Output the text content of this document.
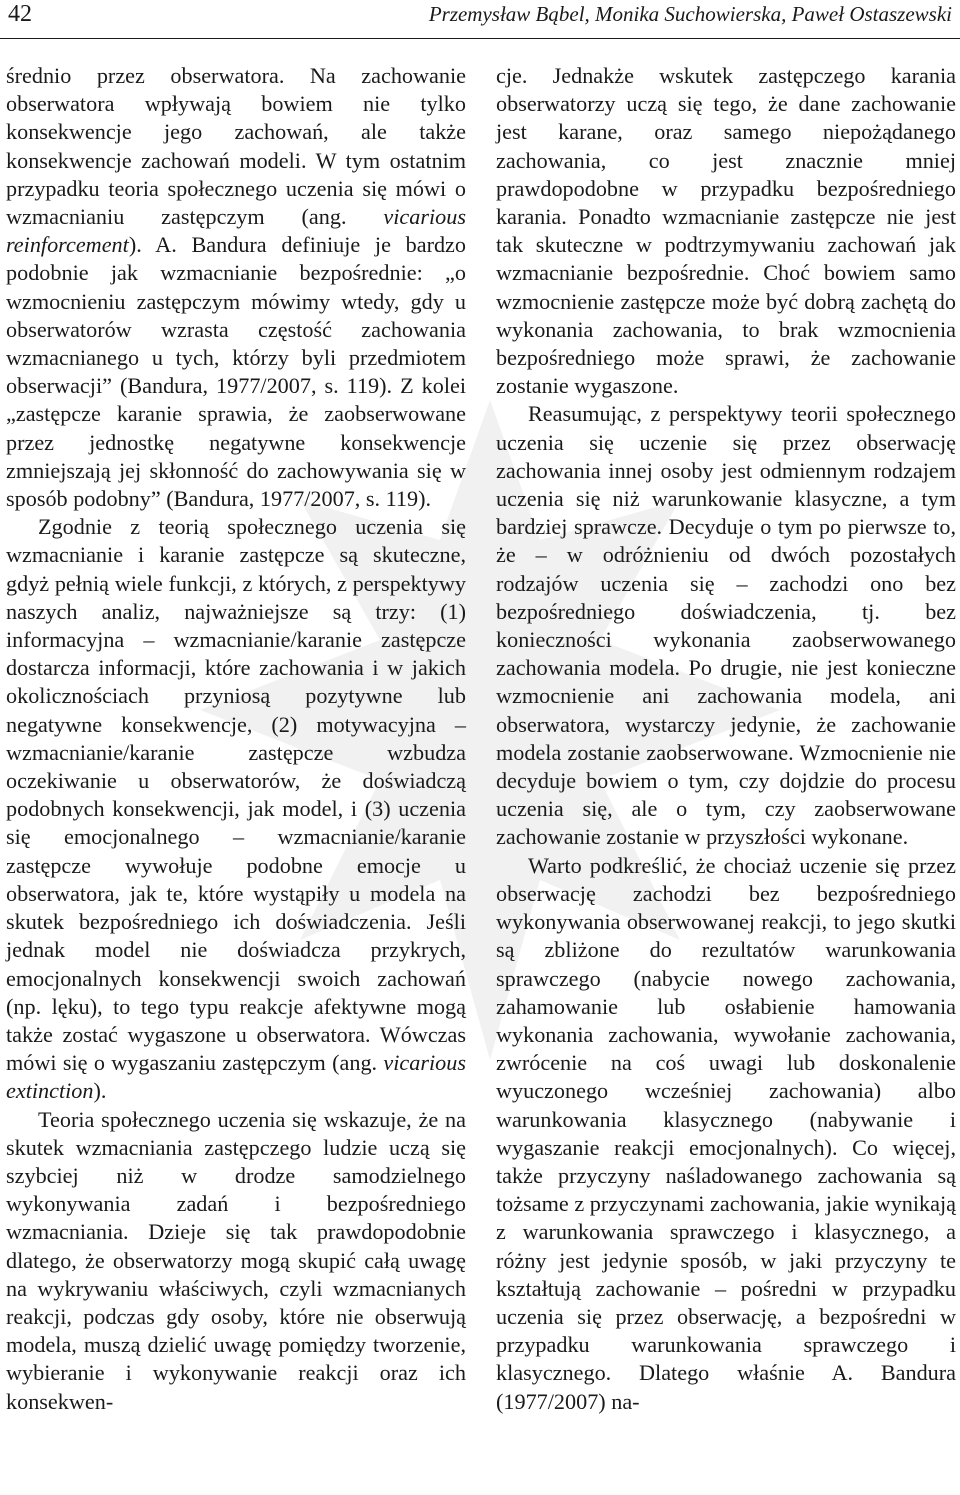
42	Przemysław Bąbel, Monika Suchowierska, Paweł Ostaszewski

średnio przez obserwatora. Na zachowanie obserwatora wpływają bowiem nie tylko konsekwencje jego zachowań, ale także konsekwencje zachowań modeli. W tym ostatnim przypadku teoria społecznego uczenia się mówi o wzmacnianiu zastępczym (ang. vicarious reinforcement). A. Bandura definiuje je bardzo podobnie jak wzmacnianie bezpośrednie: „o wzmocnieniu zastępczym mówimy wtedy, gdy u obserwatorów wzrasta częstość zachowania wzmacnianego u tych, którzy byli przedmiotem obserwacji” (Bandura, 1977/2007, s. 119). Z kolei „zastępcze karanie sprawia, że zaobserwowane przez jednostkę negatywne konsekwencje zmniejszają jej skłonność do zachowywania się w sposób podobny” (Bandura, 1977/2007, s. 119).

Zgodnie z teorią społecznego uczenia się wzmacnianie i karanie zastępcze są skuteczne, gdyż pełnią wiele funkcji, z których, z perspektywy naszych analiz, najważniejsze są trzy: (1) informacyjna – wzmacnianie/karanie zastępcze dostarcza informacji, które zachowania i w jakich okolicznościach przyniosą pozytywne lub negatywne konsekwencje, (2) motywacyjna – wzmacnianie/karanie zastępcze wzbudza oczekiwanie u obserwatorów, że doświadczą podobnych konsekwencji, jak model, i (3) uczenia się emocjonalnego – wzmacnianie/karanie zastępcze wywołuje podobne emocje u obserwatora, jak te, które wystąpiły u modela na skutek bezpośredniego ich doświadczenia. Jeśli jednak model nie doświadcza przykrych, emocjonalnych konsekwencji swoich zachowań (np. lęku), to tego typu reakcje afektywne mogą także zostać wygaszone u obserwatora. Wówczas mówi się o wygaszaniu zastępczym (ang. vicarious extinction).

Teoria społecznego uczenia się wskazuje, że na skutek wzmacniania zastępczego ludzie uczą się szybciej niż w drodze samodzielnego wykonywania zadań i bezpośredniego wzmacniania. Dzieje się tak prawdopodobnie dlatego, że obserwatorzy mogą skupić całą uwagę na wykrywaniu właściwych, czyli wzmacnianych reakcji, podczas gdy osoby, które nie obserwują modela, muszą dzielić uwagę pomiędzy tworzenie, wybieranie i wykonywanie reakcji oraz ich konsekwen-

cje. Jednakże wskutek zastępczego karania obserwatorzy uczą się tego, że dane zachowanie jest karane, oraz samego niepożądanego zachowania, co jest znacznie mniej prawdopodobne w przypadku bezpośredniego karania. Ponadto wzmacnianie zastępcze nie jest tak skuteczne w podtrzymywaniu zachowań jak wzmacnianie bezpośrednie. Choć bowiem samo wzmocnienie zastępcze może być dobrą zachętą do wykonania zachowania, to brak wzmocnienia bezpośredniego może sprawi, że zachowanie zostanie wygaszone.

Reasumując, z perspektywy teorii społecznego uczenia się uczenie się przez obserwację zachowania innej osoby jest odmiennym rodzajem uczenia się niż warunkowanie klasyczne, a tym bardziej sprawcze. Decyduje o tym po pierwsze to, że – w odróżnieniu od dwóch pozostałych rodzajów uczenia się – zachodzi ono bez bezpośredniego doświadczenia, tj. bez konieczności wykonania zaobserwowanego zachowania modela. Po drugie, nie jest konieczne wzmocnienie ani zachowania modela, ani obserwatora, wystarczy jedynie, że zachowanie modela zostanie zaobserwowane. Wzmocnienie nie decyduje bowiem o tym, czy dojdzie do procesu uczenia się, ale o tym, czy zaobserwowane zachowanie zostanie w przyszłości wykonane.

Warto podkreślić, że chociaż uczenie się przez obserwację zachodzi bez bezpośredniego wykonywania obserwowanej reakcji, to jego skutki są zbliżone do rezultatów warunkowania sprawczego (nabycie nowego zachowania, zahamowanie lub osłabienie hamowania wykonania zachowania, wywołanie zachowania, zwrócenie na coś uwagi lub doskonalenie wyuczonego wcześniej zachowania) albo warunkowania klasycznego (nabywanie i wygaszanie reakcji emocjonalnych). Co więcej, także przyczyny naśladowanego zachowania są tożsame z przyczynami zachowania, jakie wynikają z warunkowania sprawczego i klasycznego, a różny jest jedynie sposób, w jaki przyczyny te kształtują zachowanie – pośredni w przypadku uczenia się przez obserwację, a bezpośredni w przypadku warunkowania sprawczego i klasycznego. Dlatego właśnie A. Bandura (1977/2007) na-
